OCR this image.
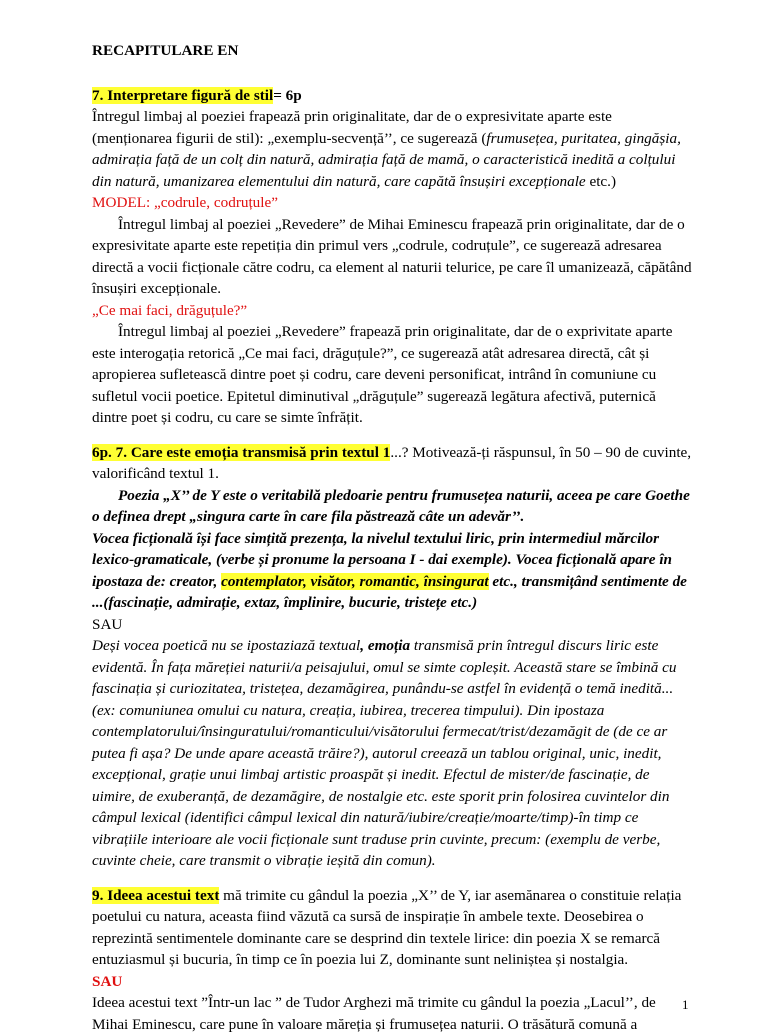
RECAPITULARE EN

7. Interpretare figură de stil= 6p

Întregul limbaj al poeziei frapează prin originalitate, dar de o expresivitate aparte este (menționarea figurii de stil): „exemplu-secvență’’, ce sugerează (frumusețea, puritatea, gingășia, admirația față de un colț din natură, admirația față de mamă, o caracteristică inedită a colțului din natură, umanizarea elementului din natură, care capătă însușiri excepționale etc.)

MODEL: „codrule, codruțule”

Întregul limbaj al poeziei „Revedere” de Mihai Eminescu frapează prin originalitate, dar de o expresivitate aparte este repetiția din primul vers „codrule, codruțule”, ce sugerează adresarea directă a vocii ficționale către codru, ca element al naturii telurice, pe care îl umanizează, căpătând însușiri excepționale.

„Ce mai faci, drăguțule?”

Întregul limbaj al poeziei „Revedere” frapează prin originalitate, dar de o exprivitate aparte este interogația retorică „Ce mai faci, drăguțule?”, ce sugerează atât adresarea directă, cât și apropierea sufletească dintre poet și codru, care deveni personificat, intrând în comuniune cu sufletul vocii poetice. Epitetul diminutival „drăguțule” sugerează legătura afectivă, puternică dintre poet și codru, cu care se simte înfrățit.

6p. 7. Care este emoția transmisă prin textul 1...? Motivează-ți răspunsul, în 50 – 90 de cuvinte, valorificând textul 1.

Poezia „X’’ de Y este o veritabilă pledoarie pentru frumusețea naturii, aceea pe care Goethe o definea drept „singura carte în care fila păstrează câte un adevăr’’.

Vocea ficțională își face simțită prezența, la nivelul textului liric, prin intermediul mărcilor lexico-gramaticale, (verbe și pronume la persoana I - dai exemple). Vocea ficțională apare în ipostaza de: creator, contemplator, visător, romantic, însingurat etc., transmițând sentimente de ...(fascinație, admirație, extaz, împlinire, bucurie, tristețe etc.)

SAU

Deși vocea poetică nu se ipostaziază textual, emoția transmisă prin întregul discurs liric este evidentă. În fața măreției naturii/a peisajului, omul se simte copleșit. Această stare se îmbină cu fascinația și curiozitatea, tristețea, dezamăgirea, punându-se astfel în evidență o temă inedită...(ex: comuniunea omului cu natura, creația, iubirea, trecerea timpului). Din ipostaza contemplatorului/însinguratului/romanticului/visătorului fermecat/trist/dezamăgit de (de ce ar putea fi așa? De unde apare această trăire?), autorul creează un tablou original, unic, inedit, excepțional, grație unui limbaj artistic proaspăt și inedit. Efectul de mister/de fascinație, de uimire, de exuberanță, de dezamăgire, de nostalgie etc. este sporit prin folosirea cuvintelor din câmpul lexical (identifici câmpul lexical din natură/iubire/creație/moarte/timp)-în timp ce vibrațiile interioare ale vocii ficționale sunt traduse prin cuvinte, precum: (exemplu de verbe, cuvinte cheie, care transmit o vibrație ieșită din comun).

9. Ideea acestui text mă trimite cu gândul la poezia „X’’ de Y, iar asemănarea o constituie relația poetului cu natura, aceasta fiind văzută ca sursă de inspirație în ambele texte. Deosebirea o reprezintă sentimentele dominante care se desprind din textele lirice: din poezia X se remarcă entuziasmul și bucuria, în timp ce în poezia lui Z, dominante sunt neliniștea și nostalgia.

SAU

Ideea acestui text ”Într-un lac ” de Tudor Arghezi mă trimite cu gândul la poezia „Lacul’’, de Mihai Eminescu, care pune în valoare măreția și frumusețea naturii. O trăsătură comună a

1
